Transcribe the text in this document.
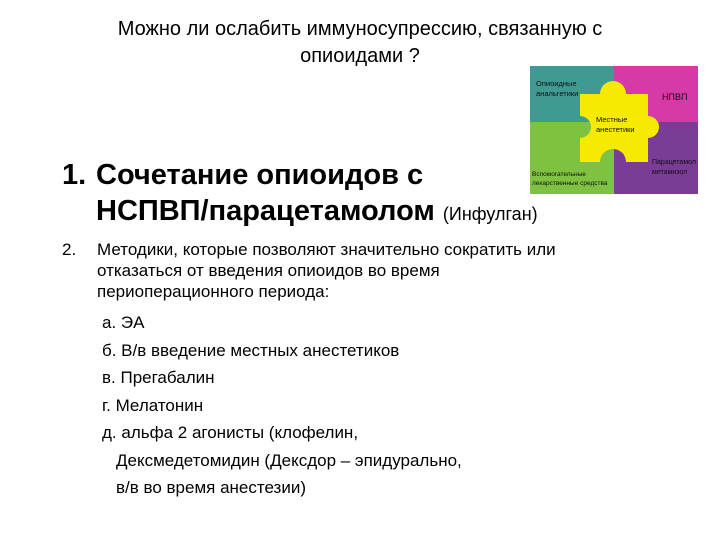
Можно ли ослабить иммуносупрессию, связанную с
опиоидами ?
Опиоидные
анальгетики	НПВП
Местные
анестетики
Парацетамол
метамизол
Вспомогательные
лекарственные средства
1. Сочетание опиоидов с
НСПВП/парацетамолом (Инфулган)
2. Методики, которые позволяют значительно сократить или
отказаться от введения опиоидов во время
периоперационного периода:
а. ЭА
б. В/в введение местных анестетиков
в. Прегабалин
г. Мелатонин
д. альфа 2 агонисты (клофелин,
Дексмедетомидин (Дексдор – эпидурально,
в/в во время анестезии)
